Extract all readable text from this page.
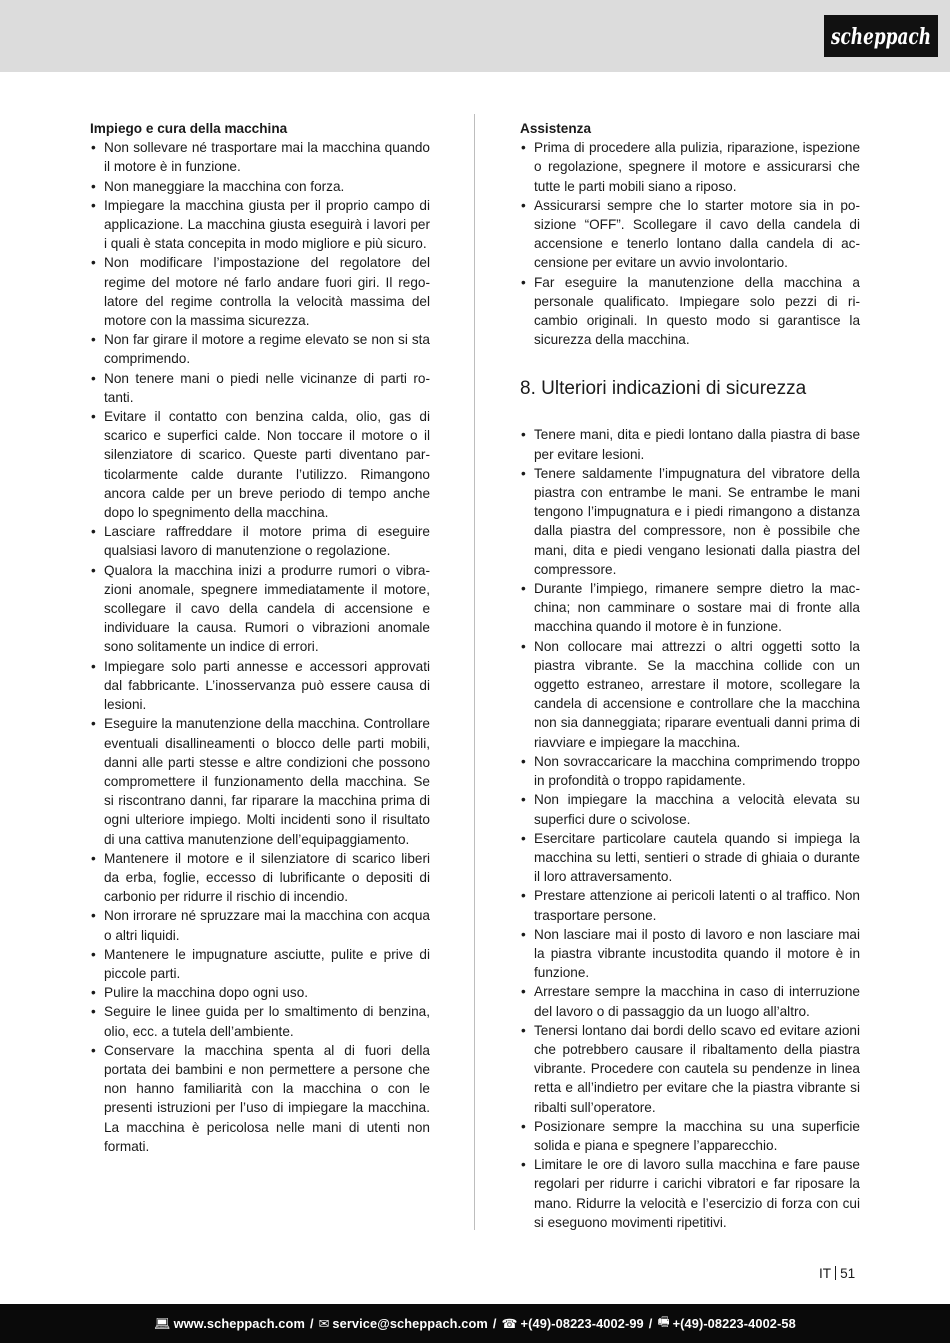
scheppach

Impiego e cura della macchina

• Non sollevare né trasportare mai la macchina quando il motore è in funzione.
• Non maneggiare la macchina con forza.
• Impiegare la macchina giusta per il proprio campo di applicazione. La macchina giusta eseguirà i lavori per i quali è stata concepita in modo migliore e più sicuro.
• Non modificare l’impostazione del regolatore del regime del motore né farlo andare fuori giri. Il regolatore del regime controlla la velocità massima del motore con la massima sicurezza.
• Non far girare il motore a regime elevato se non si sta comprimendo.
• Non tenere mani o piedi nelle vicinanze di parti rotanti.
• Evitare il contatto con benzina calda, olio, gas di scarico e superfici calde. Non toccare il motore o il silenziatore di scarico. Queste parti diventano particolarmente calde durante l’utilizzo. Rimangono ancora calde per un breve periodo di tempo anche dopo lo spegnimento della macchina.
• Lasciare raffreddare il motore prima di eseguire qualsiasi lavoro di manutenzione o regolazione.
• Qualora la macchina inizi a produrre rumori o vibrazioni anomale, spegnere immediatamente il motore, scollegare il cavo della candela di accensione e individuare la causa. Rumori o vibrazioni anomale sono solitamente un indice di errori.
• Impiegare solo parti annesse e accessori approvati dal fabbricante. L’inosservanza può essere causa di lesioni.
• Eseguire la manutenzione della macchina. Controllare eventuali disallineamenti o blocco delle parti mobili, danni alle parti stesse e altre condizioni che possono compromettere il funzionamento della macchina. Se si riscontrano danni, far riparare la macchina prima di ogni ulteriore impiego. Molti incidenti sono il risultato di una cattiva manutenzione dell’equipaggiamento.
• Mantenere il motore e il silenziatore di scarico liberi da erba, foglie, eccesso di lubrificante o depositi di carbonio per ridurre il rischio di incendio.
• Non irrorare né spruzzare mai la macchina con acqua o altri liquidi.
• Mantenere le impugnature asciutte, pulite e prive di piccole parti.
• Pulire la macchina dopo ogni uso.
• Seguire le linee guida per lo smaltimento di benzina, olio, ecc. a tutela dell’ambiente.
• Conservare la macchina spenta al di fuori della portata dei bambini e non permettere a persone che non hanno familiarità con la macchina o con le presenti istruzioni per l’uso di impiegare la macchina. La macchina è pericolosa nelle mani di utenti non formati.

Assistenza

• Prima di procedere alla pulizia, riparazione, ispezione o regolazione, spegnere il motore e assicurarsi che tutte le parti mobili siano a riposo.
• Assicurarsi sempre che lo starter motore sia in posizione “OFF”. Scollegare il cavo della candela di accensione e tenerlo lontano dalla candela di accensione per evitare un avvio involontario.
• Far eseguire la manutenzione della macchina a personale qualificato. Impiegare solo pezzi di ricambio originali. In questo modo si garantisce la sicurezza della macchina.
8. Ulteriori indicazioni di sicurezza
• Tenere mani, dita e piedi lontano dalla piastra di base per evitare lesioni.
• Tenere saldamente l’impugnatura del vibratore della piastra con entrambe le mani. Se entrambe le mani tengono l’impugnatura e i piedi rimangono a distanza dalla piastra del compressore, non è possibile che mani, dita e piedi vengano lesionati dalla piastra del compressore.
• Durante l’impiego, rimanere sempre dietro la macchina; non camminare o sostare mai di fronte alla macchina quando il motore è in funzione.
• Non collocare mai attrezzi o altri oggetti sotto la piastra vibrante. Se la macchina collide con un oggetto estraneo, arrestare il motore, scollegare la candela di accensione e controllare che la macchina non sia danneggiata; riparare eventuali danni prima di riavviare e impiegare la macchina.
• Non sovraccaricare la macchina comprimendo troppo in profondità o troppo rapidamente.
• Non impiegare la macchina a velocità elevata su superfici dure o scivolose.
• Esercitare particolare cautela quando si impiega la macchina su letti, sentieri o strade di ghiaia o durante il loro attraversamento.
• Prestare attenzione ai pericoli latenti o al traffico. Non trasportare persone.
• Non lasciare mai il posto di lavoro e non lasciare mai la piastra vibrante incustodita quando il motore è in funzione.
• Arrestare sempre la macchina in caso di interruzione del lavoro o di passaggio da un luogo all’altro.
• Tenersi lontano dai bordi dello scavo ed evitare azioni che potrebbero causare il ribaltamento della piastra vibrante. Procedere con cautela su pendenze in linea retta e all’indietro per evitare che la piastra vibrante si ribalti sull’operatore.
• Posizionare sempre la macchina su una superficie solida e piana e spegnere l’apparecchio.
• Limitare le ore di lavoro sulla macchina e fare pause regolari per ridurre i carichi vibratori e far riposare la mano. Ridurre la velocità e l’esercizio di forza con cui si eseguono movimenti ripetitivi.
IT 51
💻︎ www.scheppach.com / ✉︎ service@scheppach.com / ☎︎ +(49)-08223-4002-99 / 🖷︎ +(49)-08223-4002-58
